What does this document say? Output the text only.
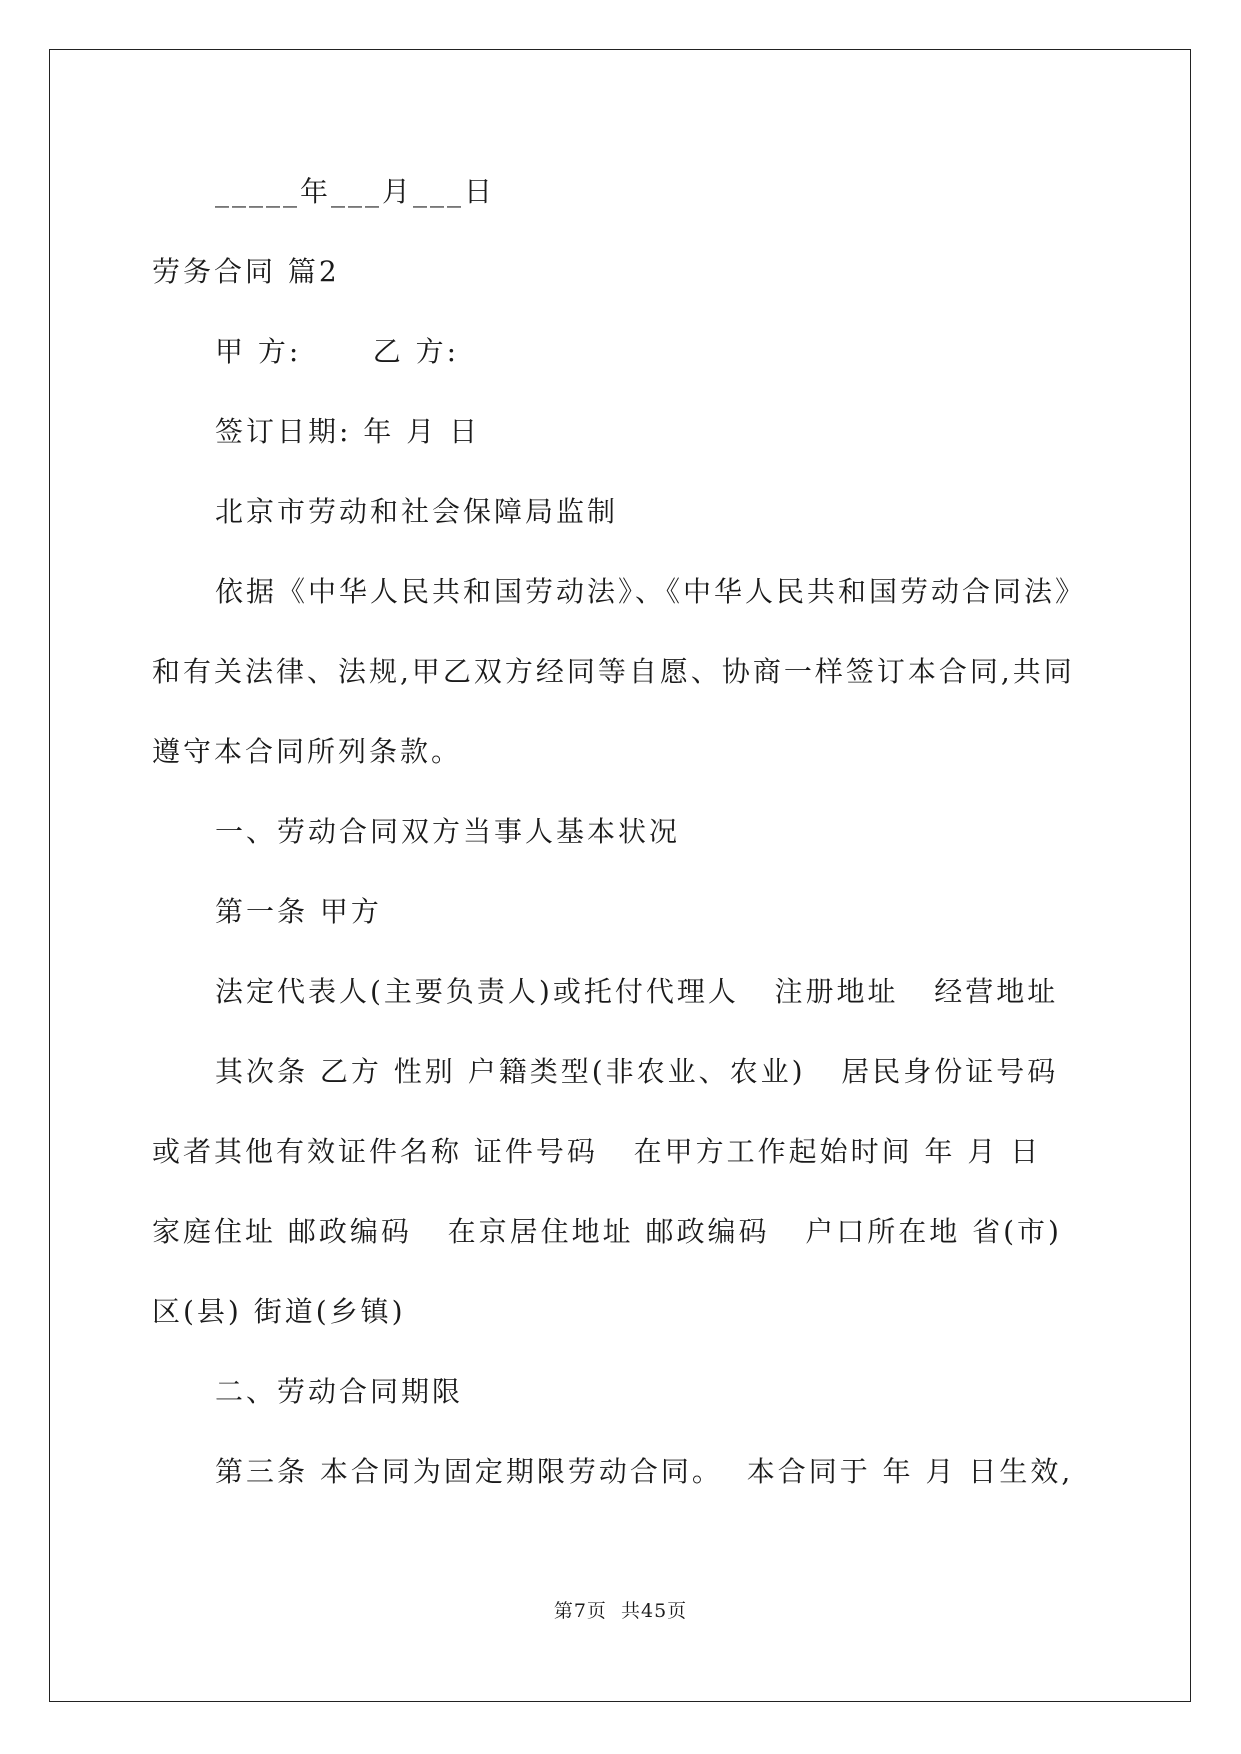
_____年___月___日
劳务合同 篇2
甲 方:      乙 方:
签订日期: 年 月 日
北京市劳动和社会保障局监制
依据《中华人民共和国劳动法》、《中华人民共和国劳动合同法》
和有关法律、法规,甲乙双方经同等自愿、协商一样签订本合同,共同
遵守本合同所列条款。
一、劳动合同双方当事人基本状况
第一条 甲方
法定代表人(主要负责人)或托付代理人   注册地址   经营地址
其次条 乙方 性别 户籍类型(非农业、农业)   居民身份证号码
或者其他有效证件名称 证件号码   在甲方工作起始时间 年 月 日
家庭住址 邮政编码   在京居住地址 邮政编码   户口所在地 省(市)
区(县) 街道(乡镇)
二、劳动合同期限
第三条 本合同为固定期限劳动合同。  本合同于 年 月 日生效,
第7页  共45页
